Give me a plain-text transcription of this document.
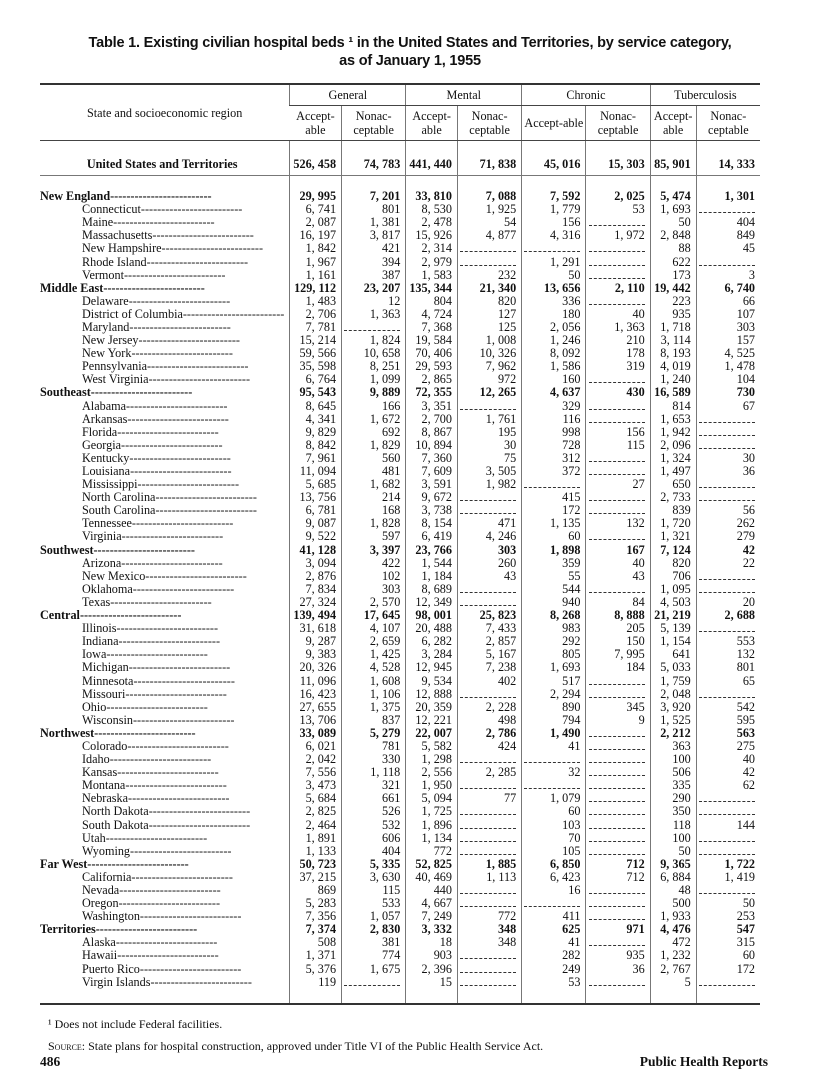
Table 1. Existing civilian hospital beds ¹ in the United States and Territories, by service category,
as of January 1, 1955
State and socioeconomic region	General		Mental		Chronic		Tuberculosis	
	Accept-able	Nonac-ceptable	Accept-able	Nonac-ceptable	Accept-able	Nonac-ceptable	Accept-able	Nonac-ceptable
United States and Territories	526, 458	74, 783	441, 440	71, 838	45, 016	15, 303	85, 901	14, 333

New England-------------------------	29, 995	7, 201	33, 810	7, 088	7, 592	2, 025	5, 474	1, 301
Connecticut-------------------------	6, 741	801	8, 530	1, 925	1, 779	53	1, 693	
Maine-------------------------	2, 087	1, 381	2, 478	54	156		50	404
Massachusetts-------------------------	16, 197	3, 817	15, 926	4, 877	4, 316	1, 972	2, 848	849
New Hampshire-------------------------	1, 842	421	2, 314				88	45
Rhode Island-------------------------	1, 967	394	2, 979		1, 291		622	
Vermont-------------------------	1, 161	387	1, 583	232	50		173	3
Middle East-------------------------	129, 112	23, 207	135, 344	21, 340	13, 656	2, 110	19, 442	6, 740
Delaware-------------------------	1, 483	12	804	820	336		223	66
District of Columbia-------------------------	2, 706	1, 363	4, 724	127	180	40	935	107
Maryland-------------------------	7, 781		7, 368	125	2, 056	1, 363	1, 718	303
New Jersey-------------------------	15, 214	1, 824	19, 584	1, 008	1, 246	210	3, 114	157
New York-------------------------	59, 566	10, 658	70, 406	10, 326	8, 092	178	8, 193	4, 525
Pennsylvania-------------------------	35, 598	8, 251	29, 593	7, 962	1, 586	319	4, 019	1, 478
West Virginia-------------------------	6, 764	1, 099	2, 865	972	160		1, 240	104
Southeast-------------------------	95, 543	9, 889	72, 355	12, 265	4, 637	430	16, 589	730
Alabama-------------------------	8, 645	166	3, 351		329		814	67
Arkansas-------------------------	4, 341	1, 672	2, 700	1, 761	116		1, 653	
Florida-------------------------	9, 829	692	8, 867	195	998	156	1, 942	
Georgia-------------------------	8, 842	1, 829	10, 894	30	728	115	2, 096	
Kentucky-------------------------	7, 961	560	7, 360	75	312		1, 324	30
Louisiana-------------------------	11, 094	481	7, 609	3, 505	372		1, 497	36
Mississippi-------------------------	5, 685	1, 682	3, 591	1, 982		27	650	
North Carolina-------------------------	13, 756	214	9, 672		415		2, 733	
South Carolina-------------------------	6, 781	168	3, 738		172		839	56
Tennessee-------------------------	9, 087	1, 828	8, 154	471	1, 135	132	1, 720	262
Virginia-------------------------	9, 522	597	6, 419	4, 246	60		1, 321	279
Southwest-------------------------	41, 128	3, 397	23, 766	303	1, 898	167	7, 124	42
Arizona-------------------------	3, 094	422	1, 544	260	359	40	820	22
New Mexico-------------------------	2, 876	102	1, 184	43	55	43	706	
Oklahoma-------------------------	7, 834	303	8, 689		544		1, 095	
Texas-------------------------	27, 324	2, 570	12, 349		940	84	4, 503	20
Central-------------------------	139, 494	17, 645	98, 001	25, 823	8, 268	8, 888	21, 219	2, 688
Illinois-------------------------	31, 618	4, 107	20, 488	7, 433	983	205	5, 139	
Indiana-------------------------	9, 287	2, 659	6, 282	2, 857	292	150	1, 154	553
Iowa-------------------------	9, 383	1, 425	3, 284	5, 167	805	7, 995	641	132
Michigan-------------------------	20, 326	4, 528	12, 945	7, 238	1, 693	184	5, 033	801
Minnesota-------------------------	11, 096	1, 608	9, 534	402	517		1, 759	65
Missouri-------------------------	16, 423	1, 106	12, 888		2, 294		2, 048	
Ohio-------------------------	27, 655	1, 375	20, 359	2, 228	890	345	3, 920	542
Wisconsin-------------------------	13, 706	837	12, 221	498	794	9	1, 525	595
Northwest-------------------------	33, 089	5, 279	22, 007	2, 786	1, 490		2, 212	563
Colorado-------------------------	6, 021	781	5, 582	424	41		363	275
Idaho-------------------------	2, 042	330	1, 298				100	40
Kansas-------------------------	7, 556	1, 118	2, 556	2, 285	32		506	42
Montana-------------------------	3, 473	321	1, 950				335	62
Nebraska-------------------------	5, 684	661	5, 094	77	1, 079		290	
North Dakota-------------------------	2, 825	526	1, 725		60		350	
South Dakota-------------------------	2, 464	532	1, 896		103		118	144
Utah-------------------------	1, 891	606	1, 134		70		100	
Wyoming-------------------------	1, 133	404	772		105		50	
Far West-------------------------	50, 723	5, 335	52, 825	1, 885	6, 850	712	9, 365	1, 722
California-------------------------	37, 215	3, 630	40, 469	1, 113	6, 423	712	6, 884	1, 419
Nevada-------------------------	869	115	440		16		48	
Oregon-------------------------	5, 283	533	4, 667				500	50
Washington-------------------------	7, 356	1, 057	7, 249	772	411		1, 933	253
Territories-------------------------	7, 374	2, 830	3, 332	348	625	971	4, 476	547
Alaska-------------------------	508	381	18	348	41		472	315
Hawaii-------------------------	1, 371	774	903		282	935	1, 232	60
Puerto Rico-------------------------	5, 376	1, 675	2, 396		249	36	2, 767	172
Virgin Islands-------------------------	119		15		53		5	
¹ Does not include Federal facilities.
Source: State plans for hospital construction, approved under Title VI of the Public Health Service Act.
486	Public Health Reports
